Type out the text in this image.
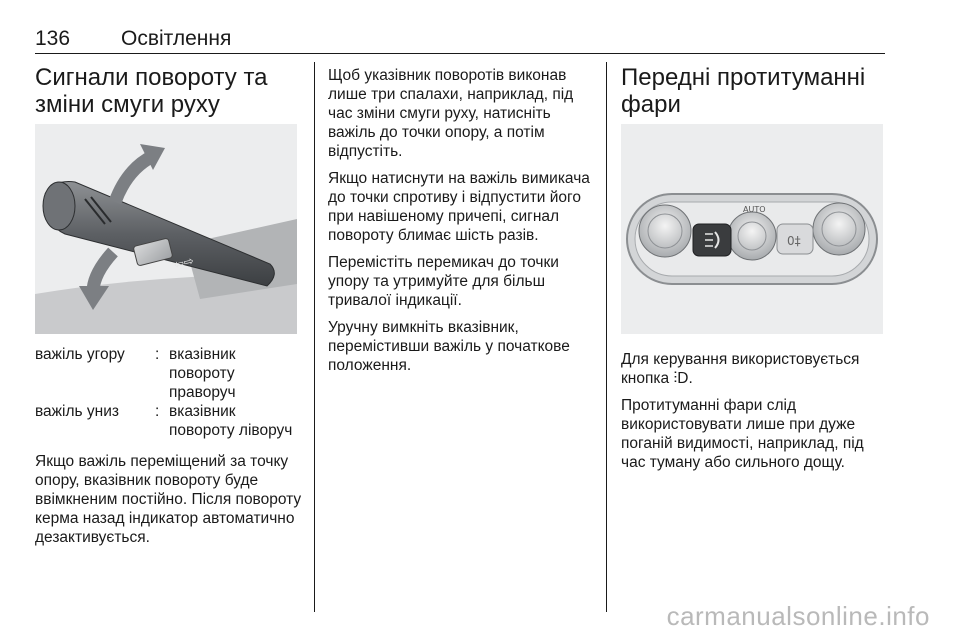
136 Освітлення
Сигнали повороту та зміни смуги руху
⇦⇨
важіль угору	: вказівник повороту праворуч
важіль униз	: вказівник повороту ліворуч

Якщо важіль переміщений за точку опору, вказівник повороту буде ввімкненим постійно. Після повороту керма назад індикатор автоматично дезактивується.

Щоб указівник поворотів виконав лише три спалахи, наприклад, під час зміни смуги руху, натисніть важіль до точки опору, а потім відпустіть.

Якщо натиснути на важіль вимикача до точки спротиву і відпустити його при навішеному причепі, сигнал повороту блимає шість разів.

Перемістіть перемикач до точки упору та утримуйте для більш тривалої індикації.

Уручну вимкніть вказівник, перемістивши важіль у початкове положення.

Передні протитуманні фари
AUTO
0‡

Для керування використовується кнопка ⫶D.

Протитуманні фари слід використовувати лише при дуже поганій видимості, наприклад, під час туману або сильного дощу.

carmanualsonline.info
